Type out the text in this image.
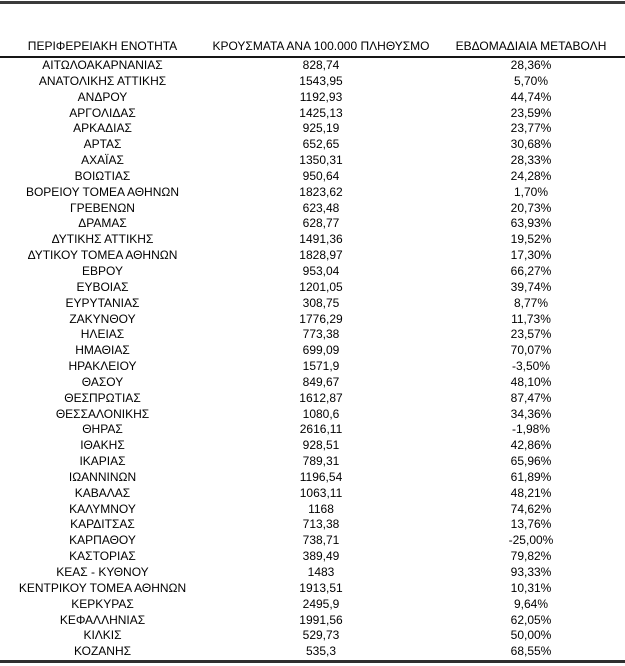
ΠΕΡΙΦΕΡΕΙΑΚΗ ΕΝΟΤΗΤΑ	ΚΡΟΥΣΜΑΤΑ ΑΝΑ 100.000 ΠΛΗΘΥΣΜΟ	ΕΒΔΟΜΑΔΙΑΙΑ ΜΕΤΑΒΟΛΗ
ΑΙΤΩΛΟΑΚΑΡΝΑΝΙΑΣ	828,74	28,36%
ΑΝΑΤΟΛΙΚΗΣ ΑΤΤΙΚΗΣ	1543,95	5,70%
ΑΝΔΡΟΥ	1192,93	44,74%
ΑΡΓΟΛΙΔΑΣ	1425,13	23,59%
ΑΡΚΑΔΙΑΣ	925,19	23,77%
ΑΡΤΑΣ	652,65	30,68%
ΑΧΑΪΑΣ	1350,31	28,33%
ΒΟΙΩΤΙΑΣ	950,64	24,28%
ΒΟΡΕΙΟΥ ΤΟΜΕΑ ΑΘΗΝΩΝ	1823,62	1,70%
ΓΡΕΒΕΝΩΝ	623,48	20,73%
ΔΡΑΜΑΣ	628,77	63,93%
ΔΥΤΙΚΗΣ ΑΤΤΙΚΗΣ	1491,36	19,52%
ΔΥΤΙΚΟΥ ΤΟΜΕΑ ΑΘΗΝΩΝ	1828,97	17,30%
ΕΒΡΟΥ	953,04	66,27%
ΕΥΒΟΙΑΣ	1201,05	39,74%
ΕΥΡΥΤΑΝΙΑΣ	308,75	8,77%
ΖΑΚΥΝΘΟΥ	1776,29	11,73%
ΗΛΕΙΑΣ	773,38	23,57%
ΗΜΑΘΙΑΣ	699,09	70,07%
ΗΡΑΚΛΕΙΟΥ	1571,9	-3,50%
ΘΑΣΟΥ	849,67	48,10%
ΘΕΣΠΡΩΤΙΑΣ	1612,87	87,47%
ΘΕΣΣΑΛΟΝΙΚΗΣ	1080,6	34,36%
ΘΗΡΑΣ	2616,11	-1,98%
ΙΘΑΚΗΣ	928,51	42,86%
ΙΚΑΡΙΑΣ	789,31	65,96%
ΙΩΑΝΝΙΝΩΝ	1196,54	61,89%
ΚΑΒΑΛΑΣ	1063,11	48,21%
ΚΑΛΥΜΝΟΥ	1168	74,62%
ΚΑΡΔΙΤΣΑΣ	713,38	13,76%
ΚΑΡΠΑΘΟΥ	738,71	-25,00%
ΚΑΣΤΟΡΙΑΣ	389,49	79,82%
ΚΕΑΣ - ΚΥΘΝΟΥ	1483	93,33%
ΚΕΝΤΡΙΚΟΥ ΤΟΜΕΑ ΑΘΗΝΩΝ	1913,51	10,31%
ΚΕΡΚΥΡΑΣ	2495,9	9,64%
ΚΕΦΑΛΛΗΝΙΑΣ	1991,56	62,05%
ΚΙΛΚΙΣ	529,73	50,00%
ΚΟΖΑΝΗΣ	535,3	68,55%
